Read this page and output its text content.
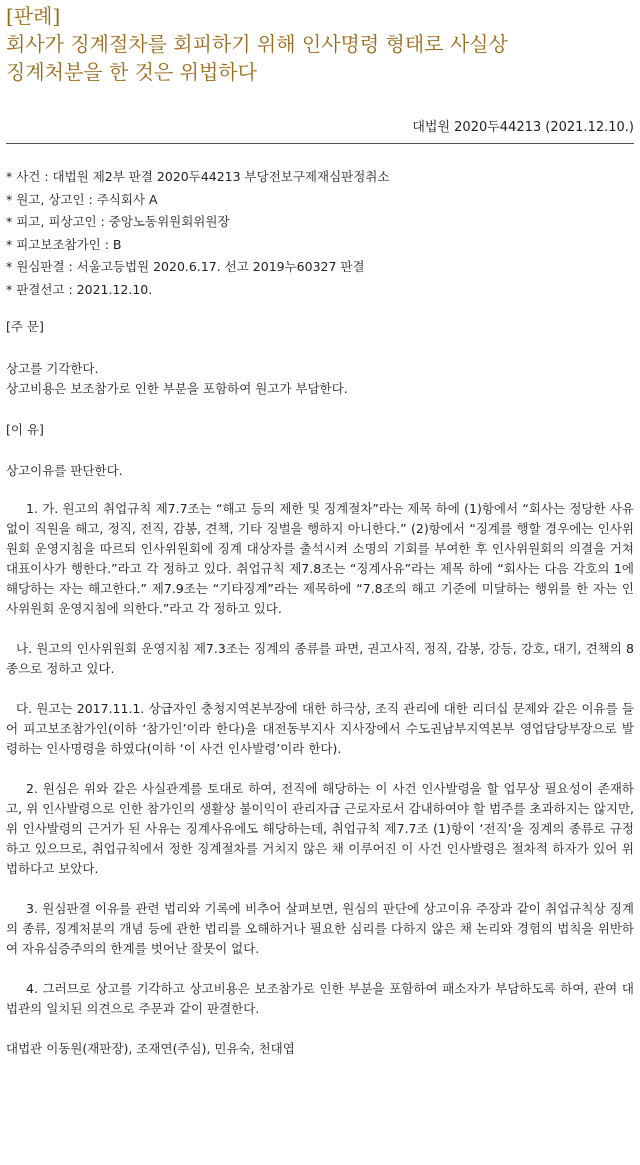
[판례]
회사가 징계절차를 회피하기 위해 인사명령 형태로 사실상
징계처분을 한 것은 위법하다
대법원 2020두44213 (2021.12.10.)
* 사건 : 대법원 제2부 판결 2020두44213 부당전보구제재심판정취소
* 원고, 상고인 : 주식회사 A
* 피고, 피상고인 : 중앙노동위원회위원장
* 피고보조참가인 : B
* 원심판결 : 서울고등법원 2020.6.17. 선고 2019누60327 판결
* 판결선고 : 2021.12.10.
[주 문]
상고를 기각한다.
상고비용은 보조참가로 인한 부분을 포함하여 원고가 부담한다.
[이 유]
상고이유를 판단한다.
1. 가. 원고의 취업규칙 제7.7조는 “해고 등의 제한 및 징계절차”라는 제목 하에 (1)항에서 “회사는 정당한 사유없이 직원을 해고, 정직, 전직, 감봉, 견책, 기타 징벌을 행하지 아니한다.” (2)항에서 “징계를 행할 경우에는 인사위원회 운영지침을 따르되 인사위원회에 징계 대상자를 출석시켜 소명의 기회를 부여한 후 인사위원회의 의결을 거쳐 대표이사가 행한다.”라고 각 정하고 있다. 취업규칙 제7.8조는 “징계사유”라는 제목 하에 “회사는 다음 각호의 1에 해당하는 자는 해고한다.” 제7.9조는 “기타징계”라는 제목하에 “7.8조의 해고 기준에 미달하는 행위를 한 자는 인사위원회 운영지침에 의한다.”라고 각 정하고 있다.
나. 원고의 인사위원회 운영지침 제7.3조는 징계의 종류를 파면, 권고사직, 정직, 감봉, 강등, 강호, 대기, 견책의 8종으로 정하고 있다.
다. 원고는 2017.11.1. 상급자인 충청지역본부장에 대한 하극상, 조직 관리에 대한 리더십 문제와 같은 이유를 들어 피고보조참가인(이하 ‘참가인’이라 한다)을 대전동부지사 지사장에서 수도권남부지역본부 영업담당부장으로 발령하는 인사명령을 하였다(이하 ‘이 사건 인사발령’이라 한다).
2. 원심은 위와 같은 사실관계를 토대로 하여, 전직에 해당하는 이 사건 인사발령을 할 업무상 필요성이 존재하고, 위 인사발령으로 인한 참가인의 생활상 불이익이 관리자급 근로자로서 감내하여야 할 범주를 초과하지는 않지만, 위 인사발령의 근거가 된 사유는 징계사유에도 해당하는데, 취업규칙 제7.7조 (1)항이 ‘전직’을 징계의 종류로 규정하고 있으므로, 취업규칙에서 정한 징계절차를 거치지 않은 채 이루어진 이 사건 인사발령은 절차적 하자가 있어 위법하다고 보았다.
3. 원심판결 이유를 관련 법리와 기록에 비추어 살펴보면, 원심의 판단에 상고이유 주장과 같이 취업규칙상 징계의 종류, 징계처분의 개념 등에 관한 법리를 오해하거나 필요한 심리를 다하지 않은 채 논리와 경험의 법칙을 위반하여 자유심증주의의 한계를 벗어난 잘못이 없다.
4. 그러므로 상고를 기각하고 상고비용은 보조참가로 인한 부분을 포함하여 패소자가 부담하도록 하여, 관여 대법관의 일치된 의견으로 주문과 같이 판결한다.
대법관 이동원(재판장), 조재연(주심), 민유숙, 천대엽
